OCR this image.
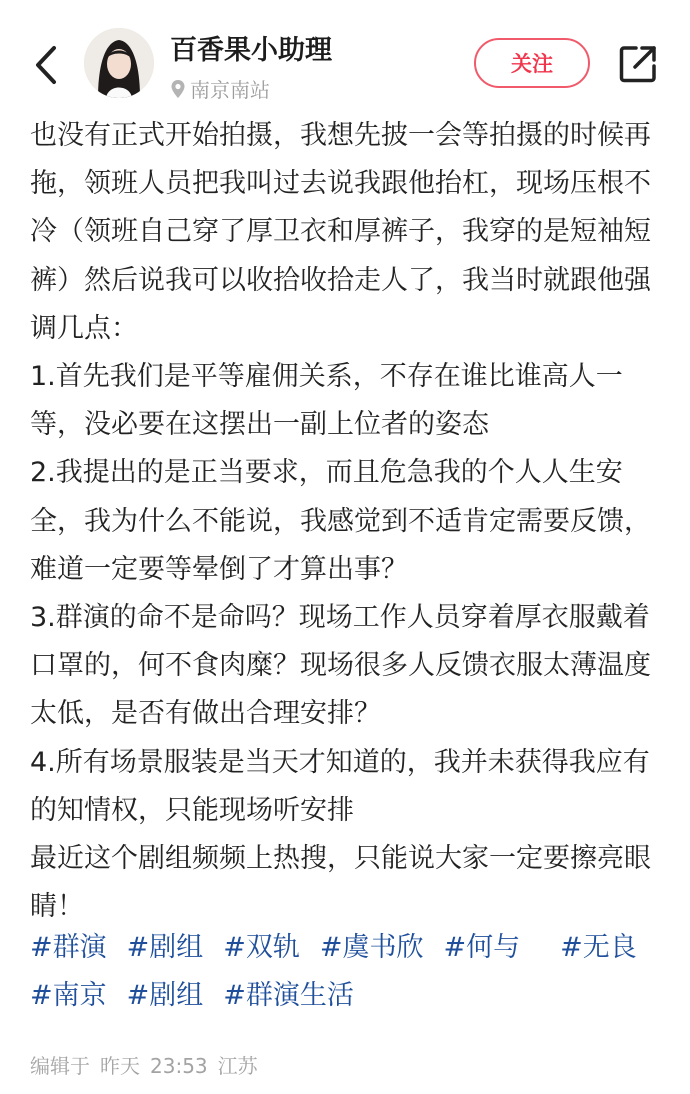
百香果小助理
南京南站
关注

也没有正式开始拍摄，我想先披一会等拍摄的时候再拖，领班人员把我叫过去说我跟他抬杠，现场压根不冷（领班自己穿了厚卫衣和厚裤子，我穿的是短袖短裤）然后说我可以收拾收拾走人了，我当时就跟他强调几点：

1.首先我们是平等雇佣关系，不存在谁比谁高人一等，没必要在这摆出一副上位者的姿态

2.我提出的是正当要求，而且危急我的个人人生安全，我为什么不能说，我感觉到不适肯定需要反馈，难道一定要等晕倒了才算出事？

3.群演的命不是命吗？现场工作人员穿着厚衣服戴着口罩的，何不食肉糜？现场很多人反馈衣服太薄温度太低，是否有做出合理安排？

4.所有场景服装是当天才知道的，我并未获得我应有的知情权，只能现场听安排

最近这个剧组频频上热搜，只能说大家一定要擦亮眼睛！

#群演 #剧组 #双轨 #虞书欣 #何与 #无良
#南京 #剧组 #群演生活
编辑于 昨天 23:53 江苏
